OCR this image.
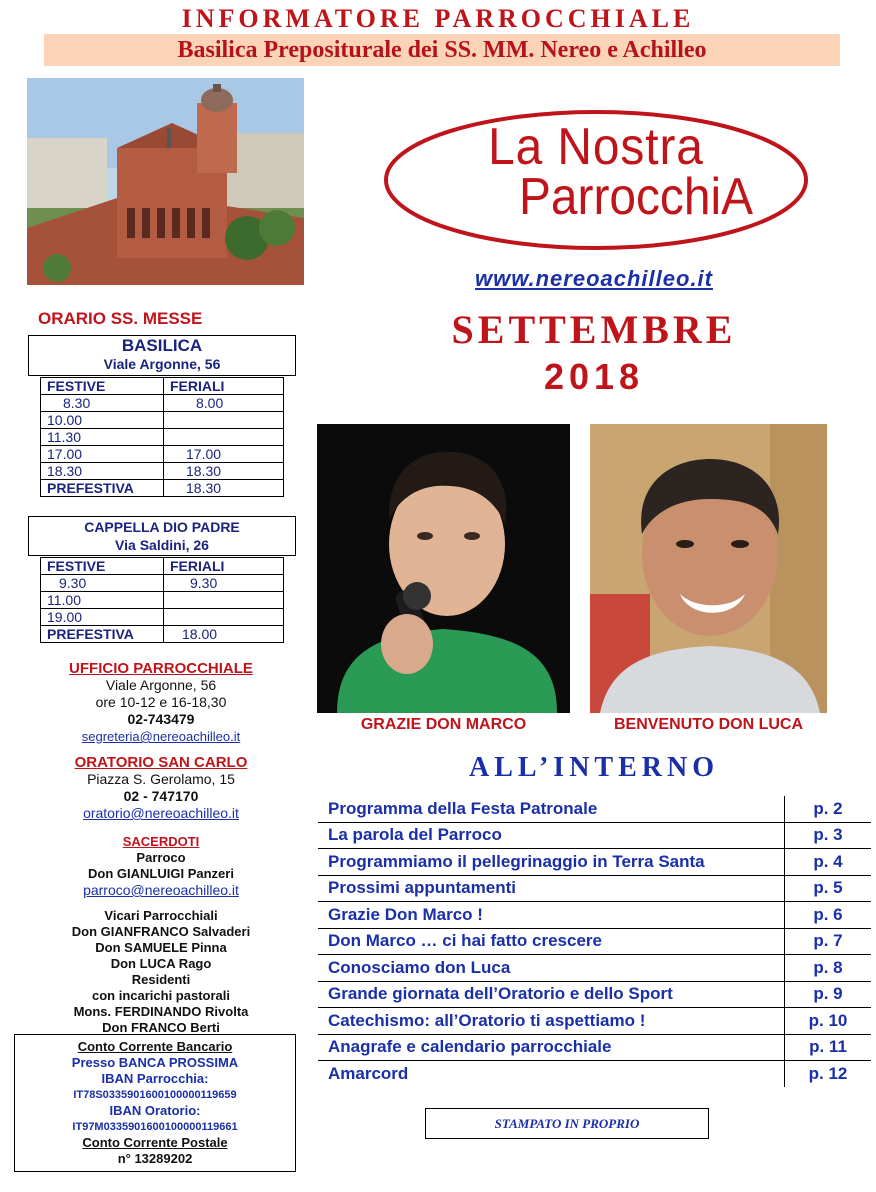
INFORMATORE PARROCCHIALE
Basilica Prepositurale dei SS. MM. Nereo e Achilleo
ORARIO SS. MESSE
BASILICA
Viale Argonne, 56
FESTIVE	FERIALI
8.30	8.00
10.00	
11.30	
17.00	17.00
18.30	18.30
PREFESTIVA	18.30
CAPPELLA DIO PADRE
Via Saldini, 26
FESTIVE	FERIALI
9.30	9.30
11.00	
19.00	
PREFESTIVA	18.00
UFFICIO PARROCCHIALE
Viale Argonne, 56
ore 10-12 e 16-18,30
02-743479
segreteria@nereoachilleo.it
ORATORIO SAN CARLO
Piazza S. Gerolamo, 15
02 - 747170
oratorio@nereoachilleo.it
SACERDOTI
Parroco
Don GIANLUIGI Panzeri
parroco@nereoachilleo.it
Vicari Parrocchiali
Don GIANFRANCO Salvaderi
Don SAMUELE Pinna
Don LUCA Rago
Residenti
con incarichi pastorali
Mons. FERDINANDO Rivolta
Don FRANCO Berti
Conto Corrente Bancario
Presso BANCA PROSSIMA
IBAN Parrocchia:
IT78S0335901600100000119659
IBAN Oratorio:
IT97M0335901600100000119661
Conto Corrente Postale
n° 13289202
La Nostra
ParrocchiA
www.nereoachilleo.it
SETTEMBRE
2018
GRAZIE DON MARCO	BENVENUTO DON LUCA
ALL’INTERNO
Programma della Festa Patronale	p. 2
La parola del Parroco	p. 3
Programmiamo il pellegrinaggio in Terra Santa	p. 4
Prossimi appuntamenti	p. 5
Grazie Don Marco !	p. 6
Don Marco … ci hai fatto crescere	p. 7
Conosciamo don Luca	p. 8
Grande giornata dell’Oratorio e dello Sport	p. 9
Catechismo: all’Oratorio ti aspettiamo !	p. 10
Anagrafe e calendario parrocchiale	p. 11
Amarcord	p. 12
STAMPATO IN PROPRIO
